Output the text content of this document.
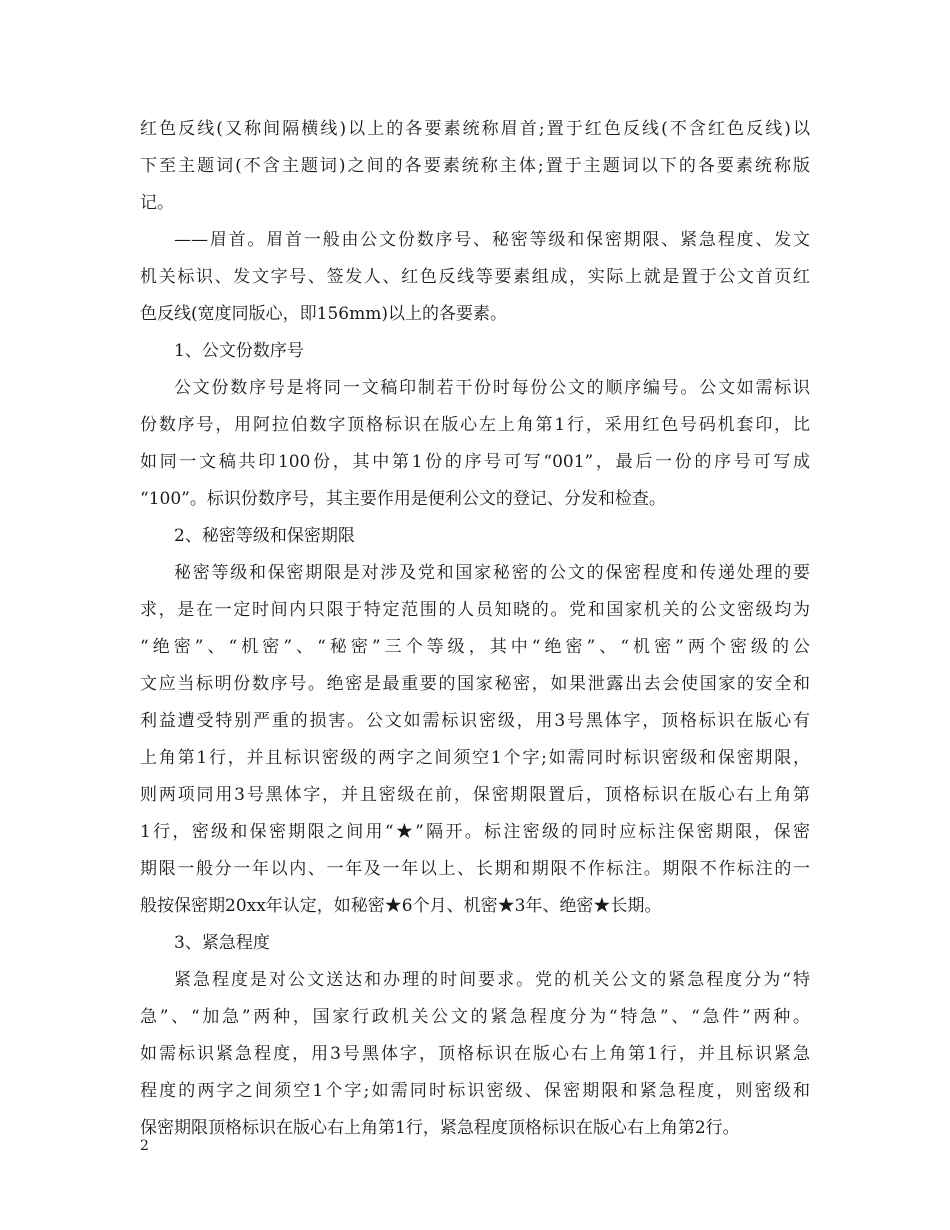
红色反线(又称间隔横线)以上的各要素统称眉首;置于红色反线(不含红色反线)以
下至主题词(不含主题词)之间的各要素统称主体;置于主题词以下的各要素统称版
记。
——眉首。眉首一般由公文份数序号、秘密等级和保密期限、紧急程度、发文
机关标识、发文字号、签发人、红色反线等要素组成，实际上就是置于公文首页红
色反线(宽度同版心，即156mm)以上的各要素。
1、公文份数序号
公文份数序号是将同一文稿印制若干份时每份公文的顺序编号。公文如需标识
份数序号，用阿拉伯数字顶格标识在版心左上角第1行，采用红色号码机套印，比
如同一文稿共印100份，其中第1份的序号可写“001”，最后一份的序号可写成
“100”。标识份数序号，其主要作用是便利公文的登记、分发和检查。
2、秘密等级和保密期限
秘密等级和保密期限是对涉及党和国家秘密的公文的保密程度和传递处理的要
求，是在一定时间内只限于特定范围的人员知晓的。党和国家机关的公文密级均为
“绝密”、“机密”、“秘密”三个等级，其中“绝密”、“机密”两个密级的公
文应当标明份数序号。绝密是最重要的国家秘密，如果泄露出去会使国家的安全和
利益遭受特别严重的损害。公文如需标识密级，用3号黑体字，顶格标识在版心有
上角第1行，并且标识密级的两字之间须空1个字;如需同时标识密级和保密期限，
则两项同用3号黑体字，并且密级在前，保密期限置后，顶格标识在版心右上角第
1行，密级和保密期限之间用“★”隔开。标注密级的同时应标注保密期限，保密
期限一般分一年以内、一年及一年以上、长期和期限不作标注。期限不作标注的一
般按保密期20xx年认定，如秘密★6个月、机密★3年、绝密★长期。
3、紧急程度
紧急程度是对公文送达和办理的时间要求。党的机关公文的紧急程度分为“特
急”、“加急”两种，国家行政机关公文的紧急程度分为“特急”、“急件”两种。
如需标识紧急程度，用3号黑体字，顶格标识在版心右上角第1行，并且标识紧急
程度的两字之间须空1个字;如需同时标识密级、保密期限和紧急程度，则密级和
保密期限顶格标识在版心右上角第1行，紧急程度顶格标识在版心右上角第2行。
2
